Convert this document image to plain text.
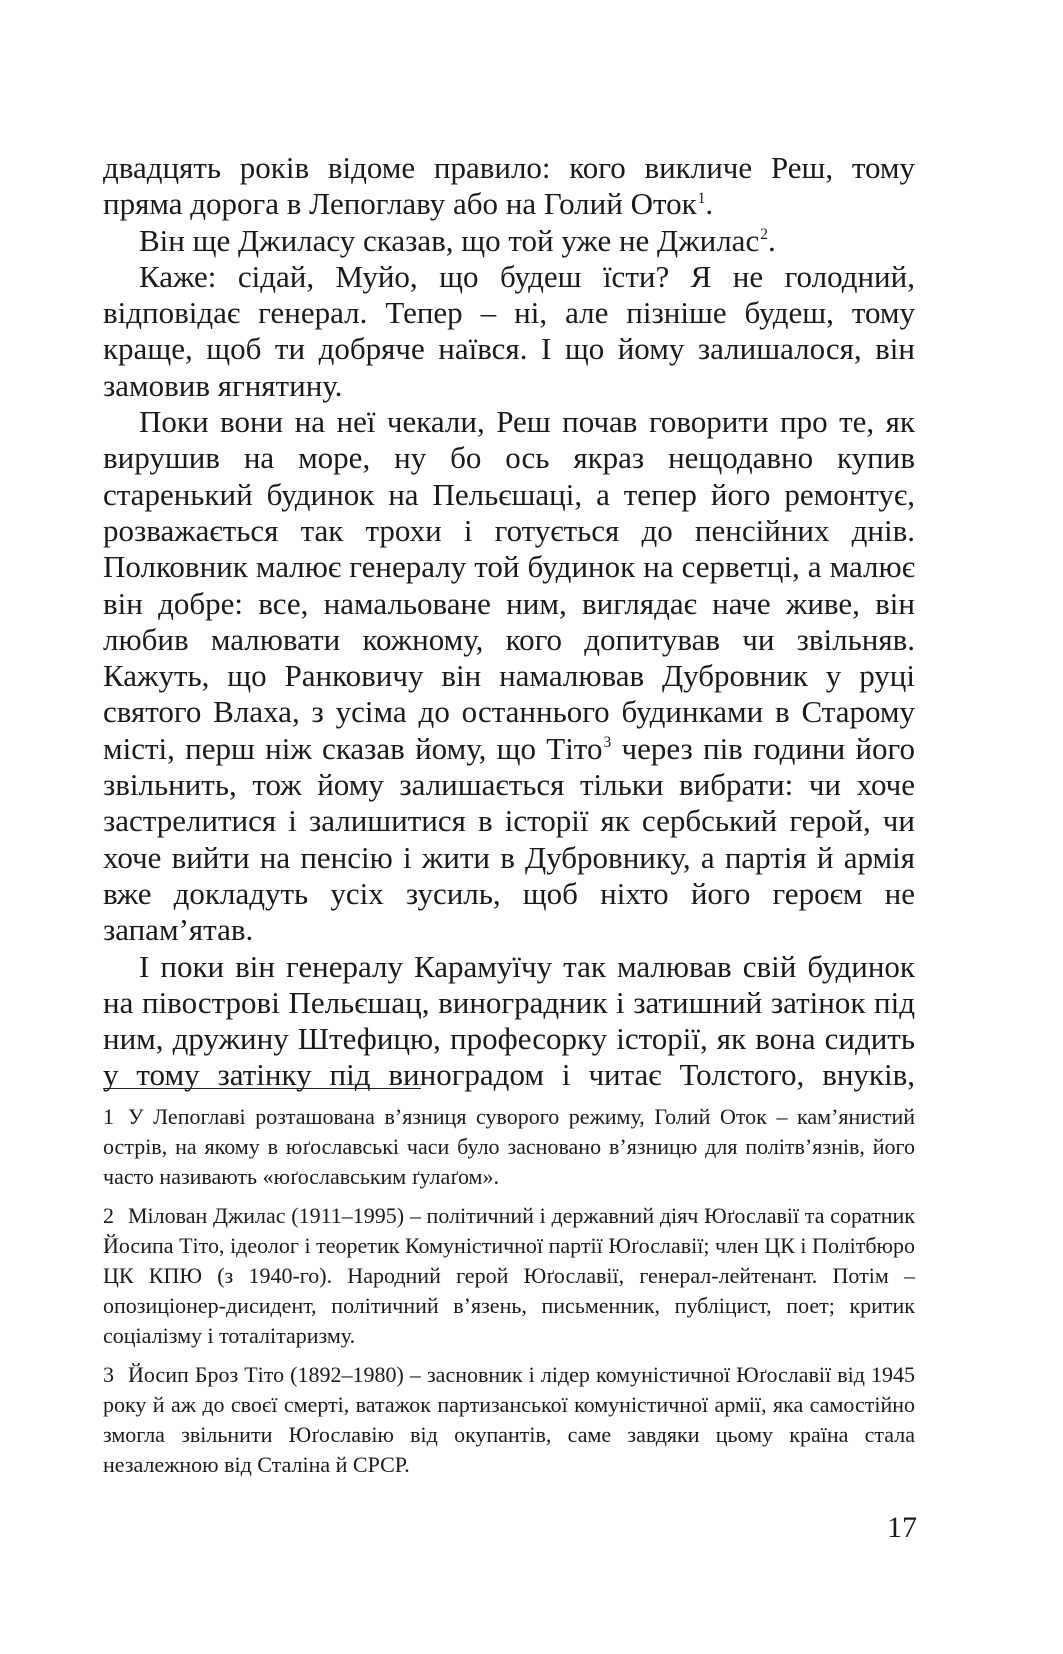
двадцять років відоме правило: кого викличе Реш, тому пряма дорога в Лепоглаву або на Голий Оток$^1$.

Він ще Джиласу сказав, що той уже не Джилас$^2$.

Каже: сідай, Муйо, що будеш їсти? Я не голодний, відповідає генерал. Тепер – ні, але пізніше будеш, тому краще, щоб ти добряче наївся. І що йому залишалося, він замовив ягнятину.

Поки вони на неї чекали, Реш почав говорити про те, як вирушив на море, ну бо ось якраз нещодавно купив старенький будинок на Пельєшаці, а тепер його ремонтує, розважається так трохи і готується до пенсійних днів. Полковник малює генералу той будинок на серветці, а малює він добре: все, намальоване ним, виглядає наче живе, він любив малювати кожному, кого допитував чи звільняв. Кажуть, що Ранковичу він намалював Дубровник у руці святого Влаха, з усіма до останнього будинками в Старому місті, перш ніж сказав йому, що Тіто$^3$ через пів години його звільнить, тож йому залишається тільки вибрати: чи хоче застрелитися і залишитися в історії як сербський герой, чи хоче вийти на пенсію і жити в Дубровнику, а партія й армія вже докладуть усіх зусиль, щоб ніхто його героєм не запам’ятав.

І поки він генералу Карамуїчу так малював свій будинок на півострові Пельєшац, виноградник і затишний затінок під ним, дружину Штефицю, професорку історії, як вона сидить у тому затінку під виноградом і читає Толстого, внуків,

1 У Лепоглаві розташована в’язниця суворого режиму, Голий Оток – кам’янистий острів, на якому в юґославські часи було засновано в’язницю для політв’язнів, його часто називають «юґославським ґулаґом».

2 Мілован Джилас (1911–1995) – політичний і державний діяч Юґославії та соратник Йосипа Тіто, ідеолог і теоретик Комуністичної партії Юґославії; член ЦК і Політбюро ЦК КПЮ (з 1940-го). Народний герой Юґославії, генерал-лейтенант. Потім – опозиціонер-дисидент, політичний в’язень, письменник, публіцист, поет; критик соціалізму і тоталітаризму.

3 Йосип Броз Тіто (1892–1980) – засновник і лідер комуністичної Юґославії від 1945 року й аж до своєї смерті, ватажок партизанської комуністичної армії, яка самостійно змогла звільнити Юґославію від окупантів, саме завдяки цьому країна стала незалежною від Сталіна й СРСР.

17
